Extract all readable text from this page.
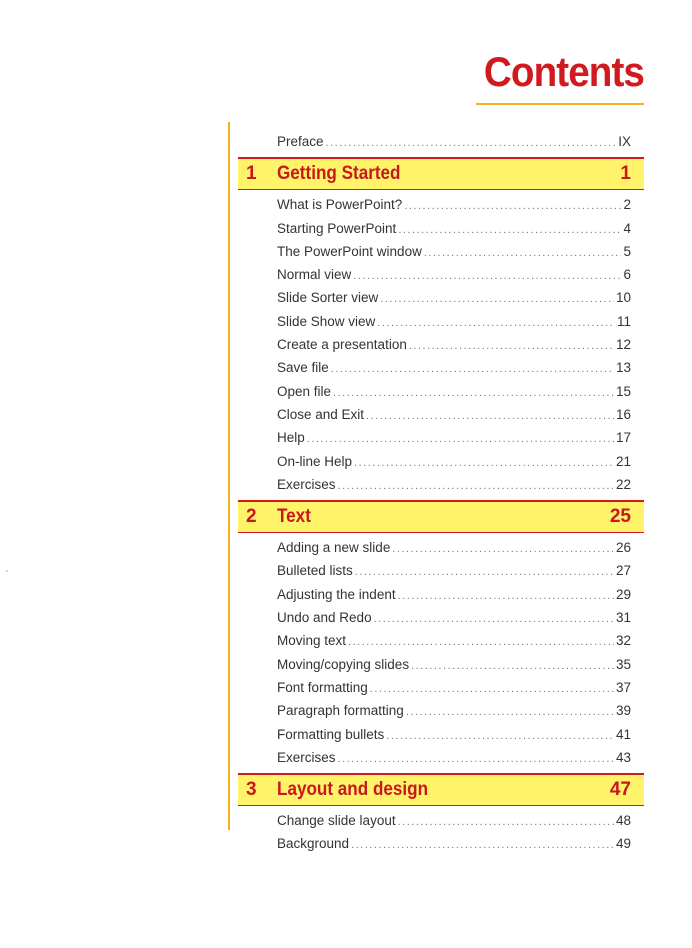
Contents
Preface .....	IX
1	Getting Started	1
What is PowerPoint? .....	2
Starting PowerPoint .....	4
The PowerPoint window .....	5
Normal view .....	6
Slide Sorter view .....	10
Slide Show view .....	11
Create a presentation .....	12
Save file .....	13
Open file .....	15
Close and Exit .....	16
Help .....	17
On-line Help .....	21
Exercises .....	22
2	Text	25
Adding a new slide .....	26
Bulleted lists .....	27
Adjusting the indent .....	29
Undo and Redo .....	31
Moving text .....	32
Moving/copying slides .....	35
Font formatting .....	37
Paragraph formatting .....	39
Formatting bullets .....	41
Exercises .....	43
3	Layout and design	47
Change slide layout .....	48
Background .....	49
